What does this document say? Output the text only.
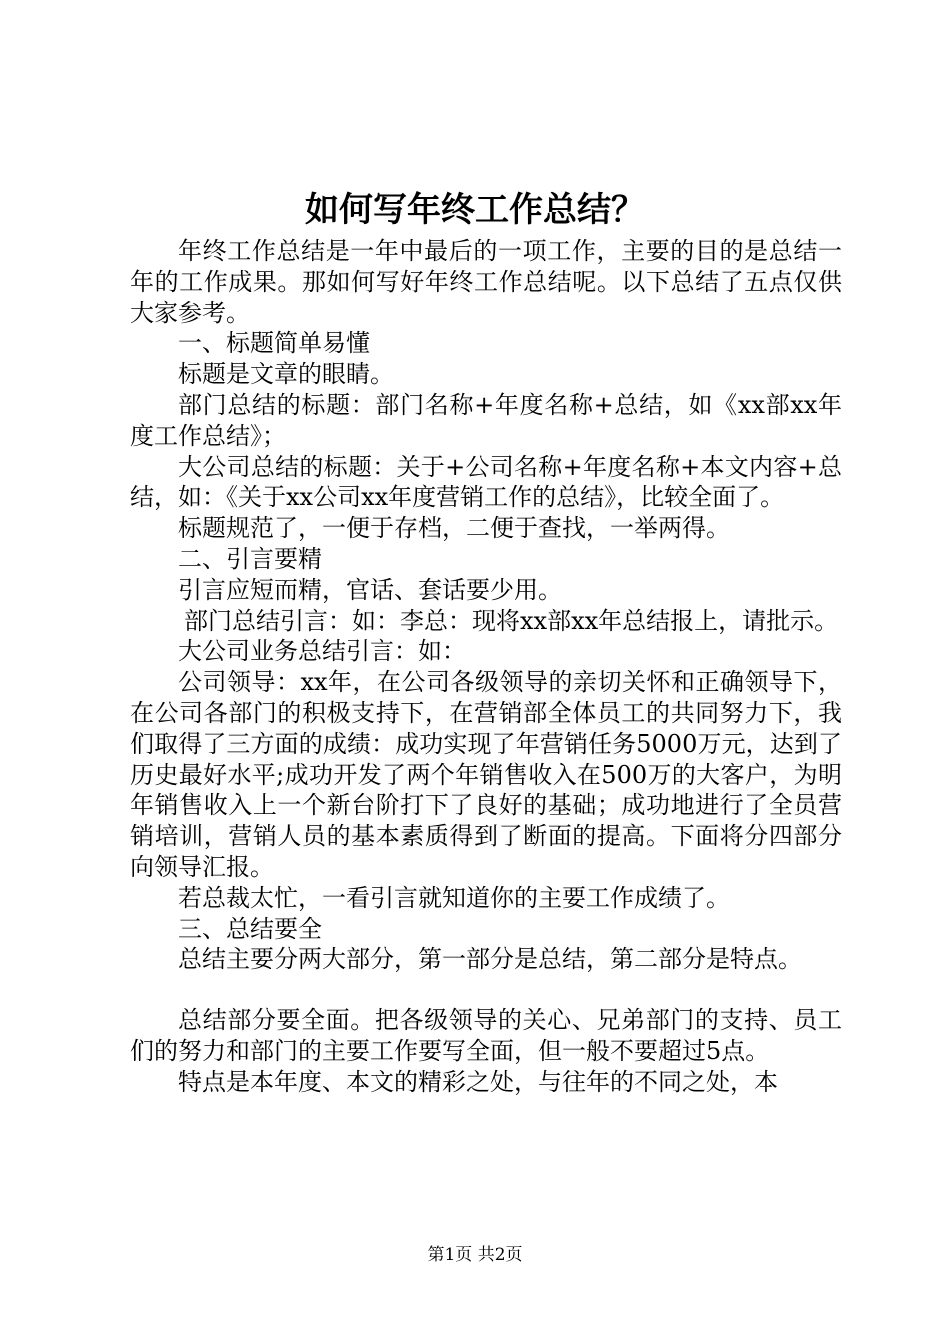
如何写年终工作总结？

年终工作总结是一年中最后的一项工作，主要的目的是总结一年的工作成果。那如何写好年终工作总结呢。以下总结了五点仅供大家参考。

一、标题简单易懂

标题是文章的眼睛。

部门总结的标题：部门名称+年度名称+总结，如《xx部xx年度工作总结》；

大公司总结的标题：关于+公司名称+年度名称+本文内容+总结，如：《关于xx公司xx年度营销工作的总结》，比较全面了。

标题规范了，一便于存档，二便于查找，一举两得。

二、引言要精

引言应短而精，官话、套话要少用。

部门总结引言：如：李总：现将xx部xx年总结报上，请批示。

大公司业务总结引言：如：

公司领导：xx年，在公司各级领导的亲切关怀和正确领导下，在公司各部门的积极支持下，在营销部全体员工的共同努力下，我们取得了三方面的成绩：成功实现了年营销任务5000万元，达到了历史最好水平;成功开发了两个年销售收入在500万的大客户，为明年销售收入上一个新台阶打下了良好的基础；成功地进行了全员营销培训，营销人员的基本素质得到了断面的提高。下面将分四部分向领导汇报。

若总裁太忙，一看引言就知道你的主要工作成绩了。

三、总结要全

总结主要分两大部分，第一部分是总结，第二部分是特点。

总结部分要全面。把各级领导的关心、兄弟部门的支持、员工们的努力和部门的主要工作要写全面，但一般不要超过5点。

特点是本年度、本文的精彩之处，与往年的不同之处，本

第1页 共2页
